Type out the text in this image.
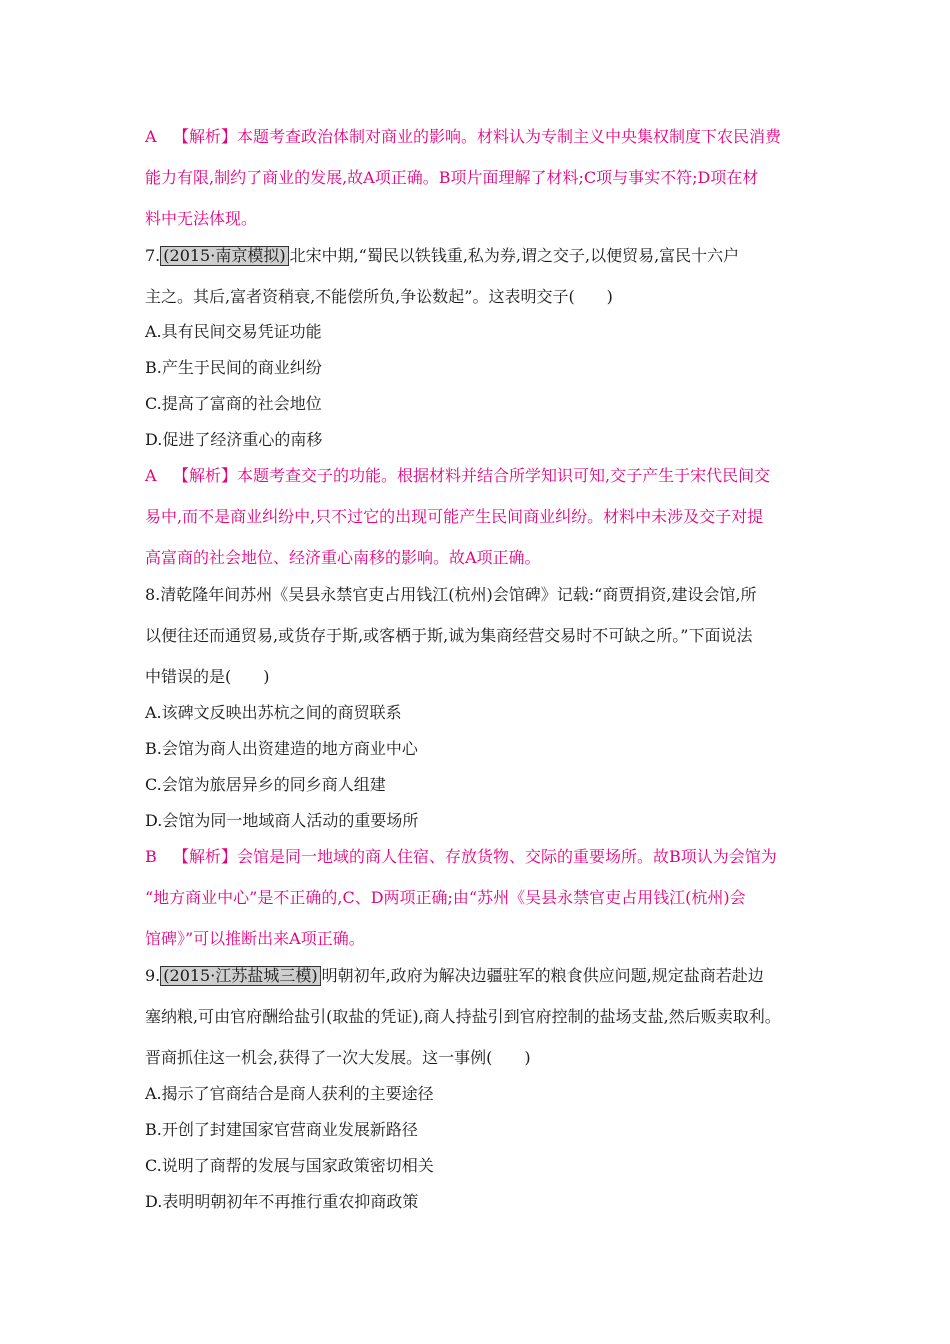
A 【解析】本题考查政治体制对商业的影响。材料认为专制主义中央集权制度下农民消费
能力有限,制约了商业的发展,故A项正确。B项片面理解了材料;C项与事实不符;D项在材
料中无法体现。
7. (2015·南京模拟) 北宋中期,“蜀民以铁钱重,私为券,谓之交子,以便贸易,富民十六户
主之。其后,富者资稍衰,不能偿所负,争讼数起”。这表明交子(　　)
A.具有民间交易凭证功能
B.产生于民间的商业纠纷
C.提高了富商的社会地位
D.促进了经济重心的南移
A 【解析】本题考查交子的功能。根据材料并结合所学知识可知,交子产生于宋代民间交
易中,而不是商业纠纷中,只不过它的出现可能产生民间商业纠纷。材料中未涉及交子对提
高富商的社会地位、经济重心南移的影响。故A项正确。
8.清乾隆年间苏州《吴县永禁官吏占用钱江(杭州)会馆碑》记载:“商贾捐资,建设会馆,所
以便往还而通贸易,或货存于斯,或客栖于斯,诚为集商经营交易时不可缺之所。”下面说法
中错误的是(　　)
A.该碑文反映出苏杭之间的商贸联系
B.会馆为商人出资建造的地方商业中心
C.会馆为旅居异乡的同乡商人组建
D.会馆为同一地域商人活动的重要场所
B 【解析】会馆是同一地域的商人住宿、存放货物、交际的重要场所。故B项认为会馆为
“地方商业中心”是不正确的,C、D两项正确;由“苏州《吴县永禁官吏占用钱江(杭州)会
馆碑》”可以推断出来A项正确。
9. (2015·江苏盐城三模) 明朝初年,政府为解决边疆驻军的粮食供应问题,规定盐商若赴边
塞纳粮,可由官府酬给盐引(取盐的凭证),商人持盐引到官府控制的盐场支盐,然后贩卖取利。
晋商抓住这一机会,获得了一次大发展。这一事例(　　)
A.揭示了官商结合是商人获利的主要途径
B.开创了封建国家官营商业发展新路径
C.说明了商帮的发展与国家政策密切相关
D.表明明朝初年不再推行重农抑商政策
